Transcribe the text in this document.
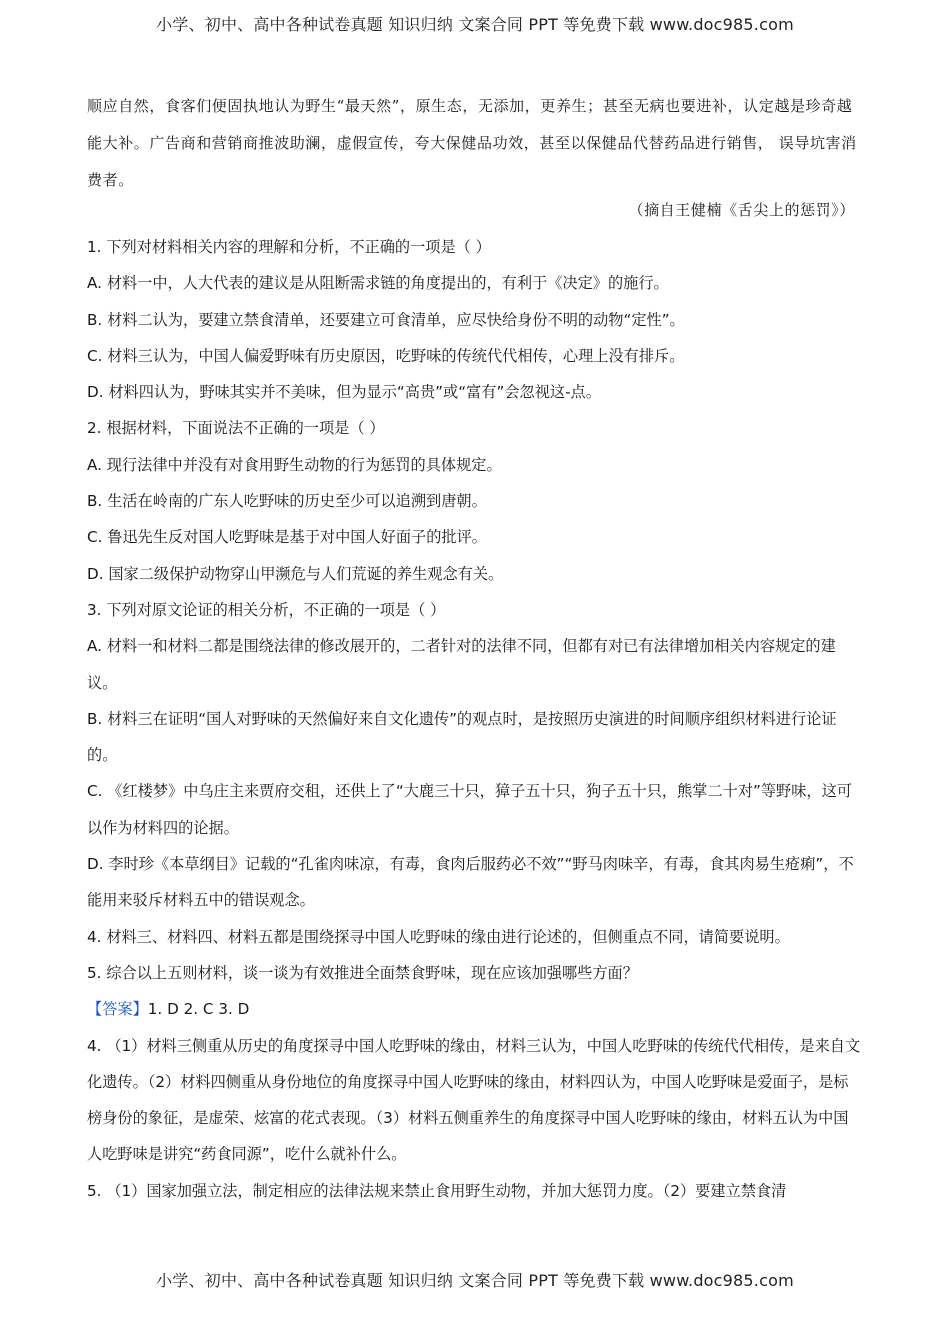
小学、初中、高中各种试卷真题 知识归纳 文案合同 PPT 等免费下载 www.doc985.com

顺应自然，食客们便固执地认为野生“最天然”，原生态，无添加，更养生；甚至无病也要进补，认定越是珍奇越能大补。广告商和营销商推波助澜，虚假宣传，夸大保健品功效，甚至以保健品代替药品进行销售， 误导坑害消费者。

（摘自王健楠《舌尖上的惩罚》）

1. 下列对材料相关内容的理解和分析，不正确的一项是（ ）

A. 材料一中，人大代表的建议是从阻断需求链的角度提出的，有利于《决定》的施行。

B. 材料二认为，要建立禁食清单，还要建立可食清单，应尽快给身份不明的动物“定性”。

C. 材料三认为，中国人偏爱野味有历史原因，吃野味的传统代代相传，心理上没有排斥。

D. 材料四认为，野味其实并不美味，但为显示“高贵”或“富有”会忽视这-点。

2. 根据材料，下面说法不正确的一项是（ ）

A. 现行法律中并没有对食用野生动物的行为惩罚的具体规定。

B. 生活在岭南的广东人吃野味的历史至少可以追溯到唐朝。

C. 鲁迅先生反对国人吃野味是基于对中国人好面子的批评。

D. 国家二级保护动物穿山甲濒危与人们荒诞的养生观念有关。

3. 下列对原文论证的相关分析，不正确的一项是（ ）

A. 材料一和材料二都是围绕法律的修改展开的，二者针对的法律不同，但都有对已有法律增加相关内容规定的建议。

B. 材料三在证明“国人对野味的天然偏好来自文化遗传”的观点时，是按照历史演进的时间顺序组织材料进行论证的。

C. 《红楼梦》中乌庄主来贾府交租，还供上了“大鹿三十只，獐子五十只，狗子五十只，熊掌二十对”等野味，这可以作为材料四的论据。

D. 李时珍《本草纲目》记载的“孔雀肉味凉，有毒，食肉后服药必不效”“野马肉味辛，有毒，食其肉易生疮痢”，不能用来驳斥材料五中的错误观念。

4. 材料三、材料四、材料五都是围绕探寻中国人吃野味的缘由进行论述的，但侧重点不同，请简要说明。

5. 综合以上五则材料，谈一谈为有效推进全面禁食野味，现在应该加强哪些方面？

【答案】1. D 2. C 3. D

4. （1）材料三侧重从历史的角度探寻中国人吃野味的缘由，材料三认为，中国人吃野味的传统代代相传，是来自文化遗传。（2）材料四侧重从身份地位的角度探寻中国人吃野味的缘由，材料四认为，中国人吃野味是爱面子，是标榜身份的象征，是虚荣、炫富的花式表现。（3）材料五侧重养生的角度探寻中国人吃野味的缘由，材料五认为中国人吃野味是讲究“药食同源”，吃什么就补什么。

5. （1）国家加强立法，制定相应的法律法规来禁止食用野生动物，并加大惩罚力度。（2）要建立禁食清

小学、初中、高中各种试卷真题 知识归纳 文案合同 PPT 等免费下载 www.doc985.com
